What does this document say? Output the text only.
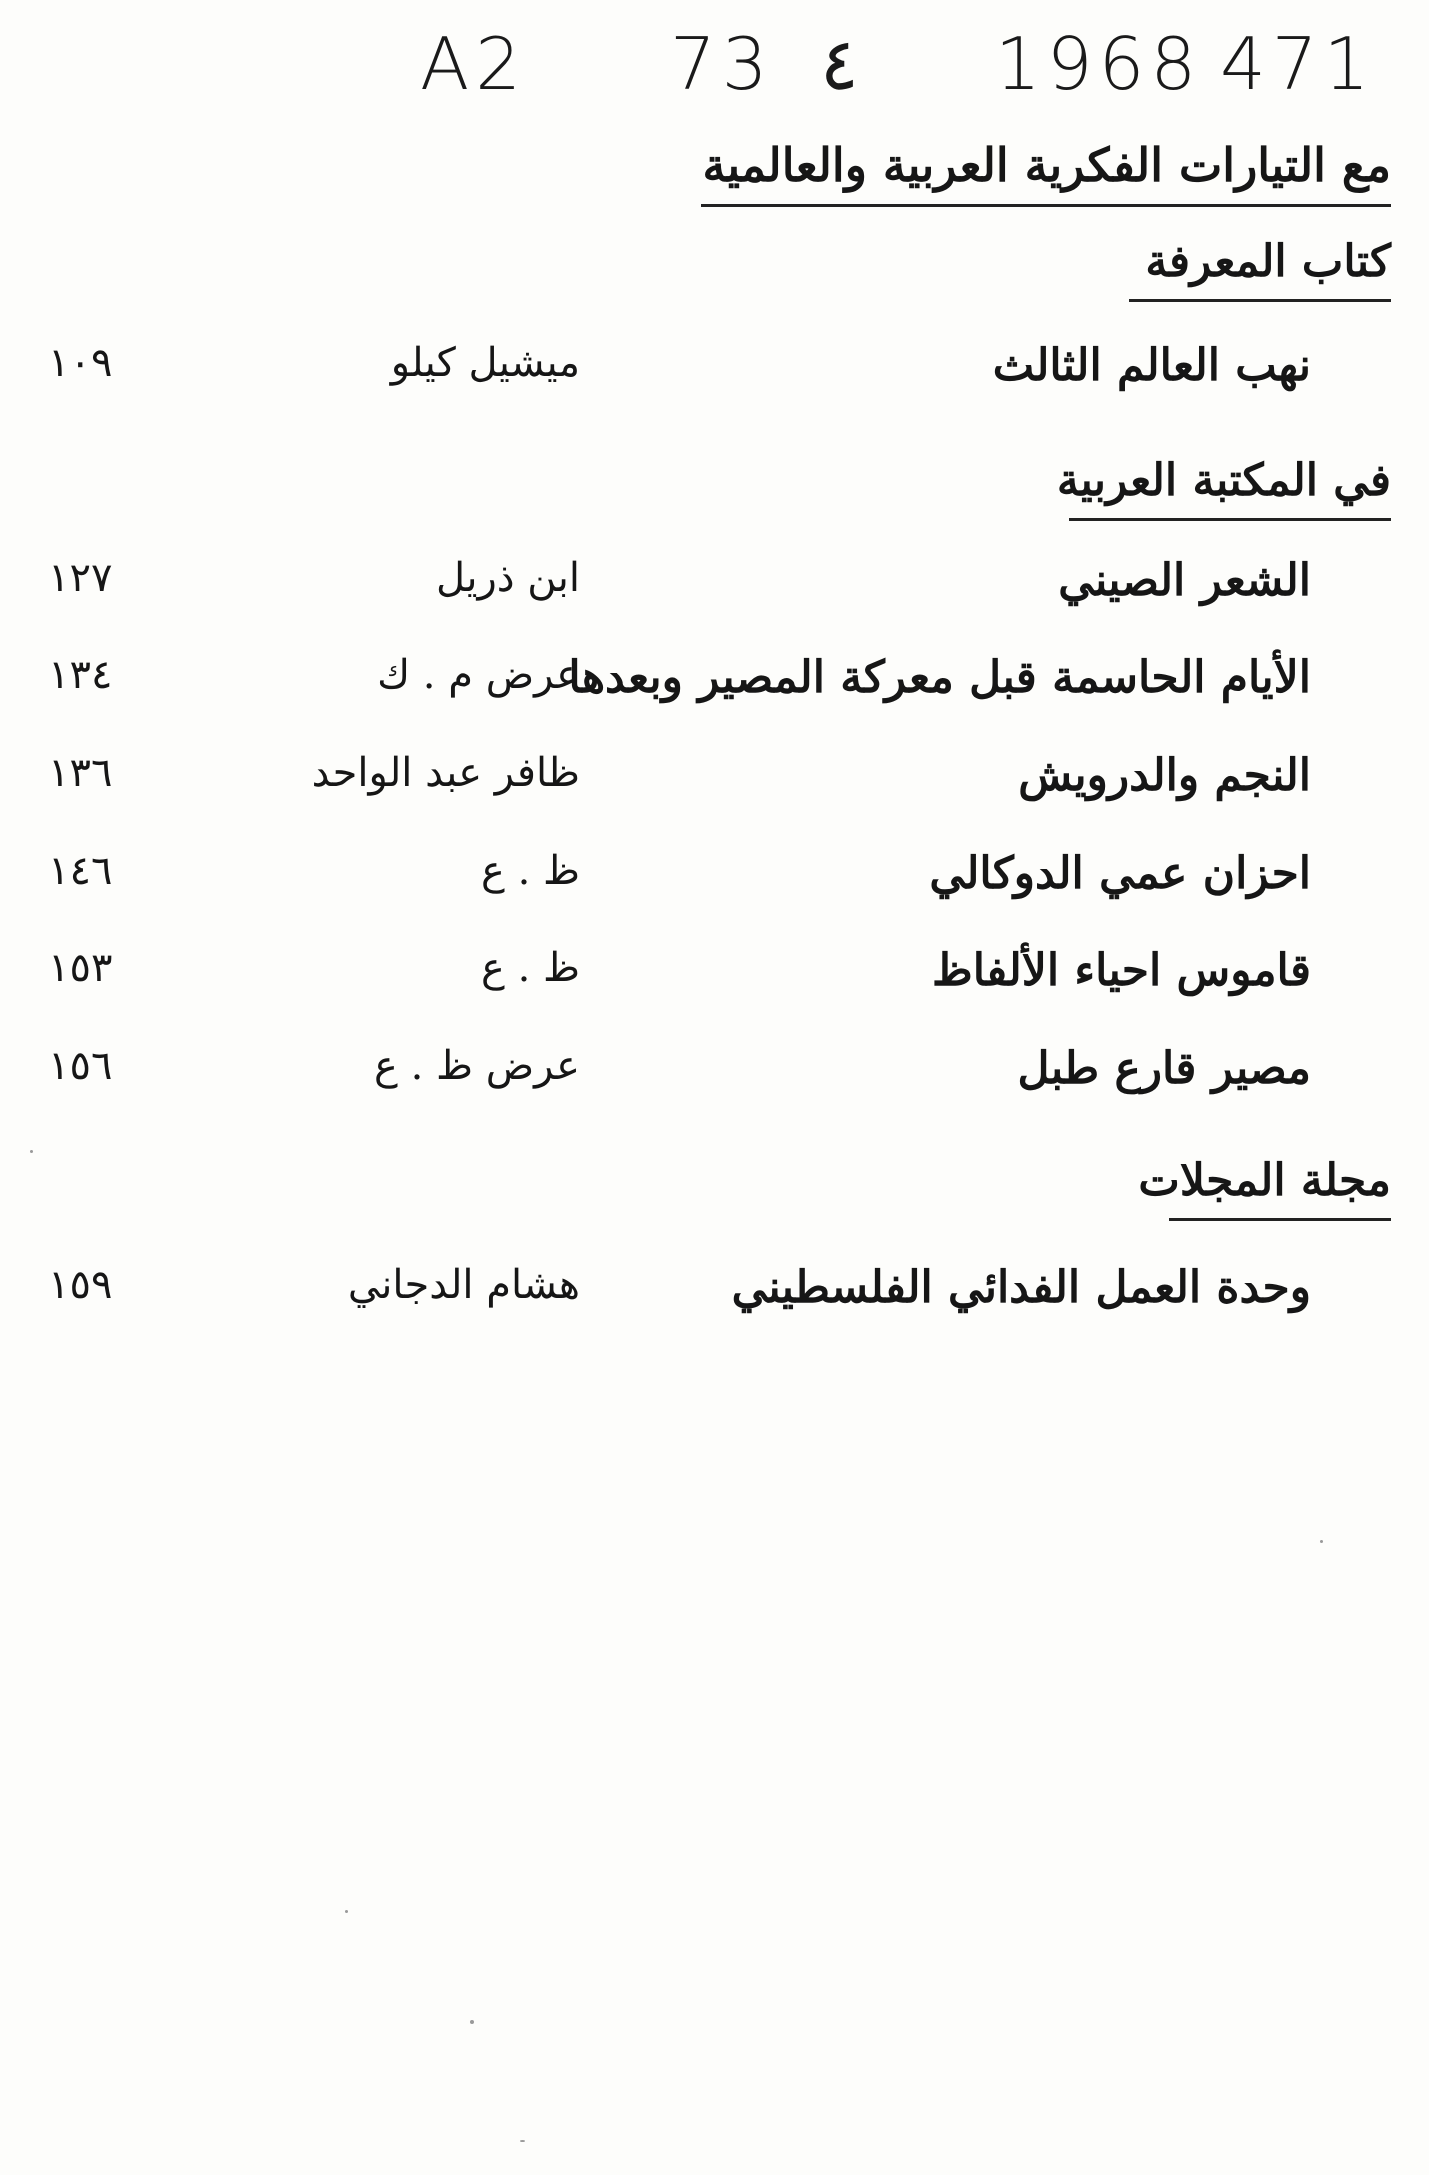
A2

73

٤

1968

471

مع التيارات الفكرية العربية والعالمية
كتاب المعرفة
نهب العالم الثالث
ميشيل كيلو
١٠٩
في المكتبة العربية
الشعر الصيني
ابن ذريل
١٢٧
الأيام الحاسمة قبل معركة المصير وبعدها
عرض م . ك
١٣٤
النجم والدرويش
ظافر عبد الواحد
١٣٦
احزان عمي الدوكالي
ظ . ع
١٤٦
قاموس احياء الألفاظ
ظ . ع
١٥٣
مصير قارع طبل
عرض ظ . ع
١٥٦
مجلة المجلات
وحدة العمل الفدائي الفلسطيني
هشام الدجاني
١٥٩
